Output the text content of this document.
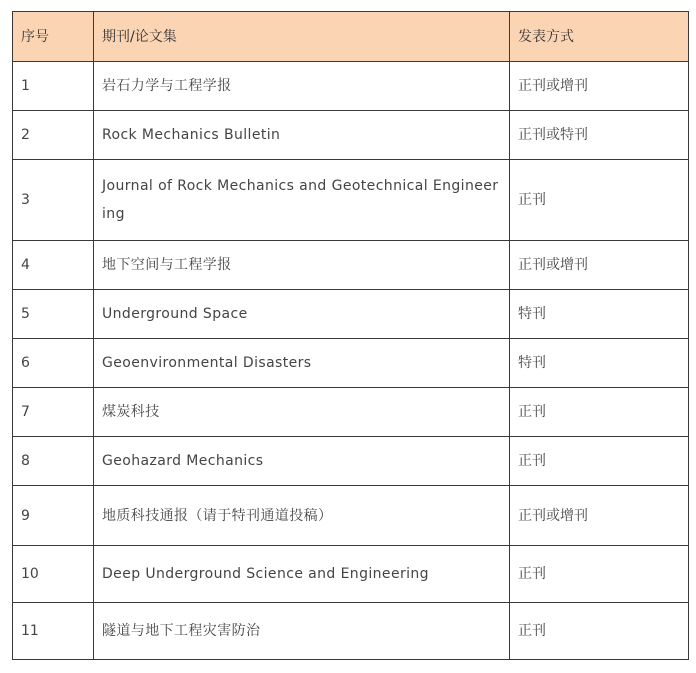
序号	期刊/论文集	发表方式
1	岩石力学与工程学报	正刊或增刊
2	Rock Mechanics Bulletin	正刊或特刊
3	Journal of Rock Mechanics and Geotechnical Engineering	正刊
4	地下空间与工程学报	正刊或增刊
5	Underground Space	特刊
6	Geoenvironmental Disasters	特刊
7	煤炭科技	正刊
8	Geohazard Mechanics	正刊
9	地质科技通报（请于特刊通道投稿）	正刊或增刊
10	Deep Underground Science and Engineering	正刊
11	隧道与地下工程灾害防治	正刊
